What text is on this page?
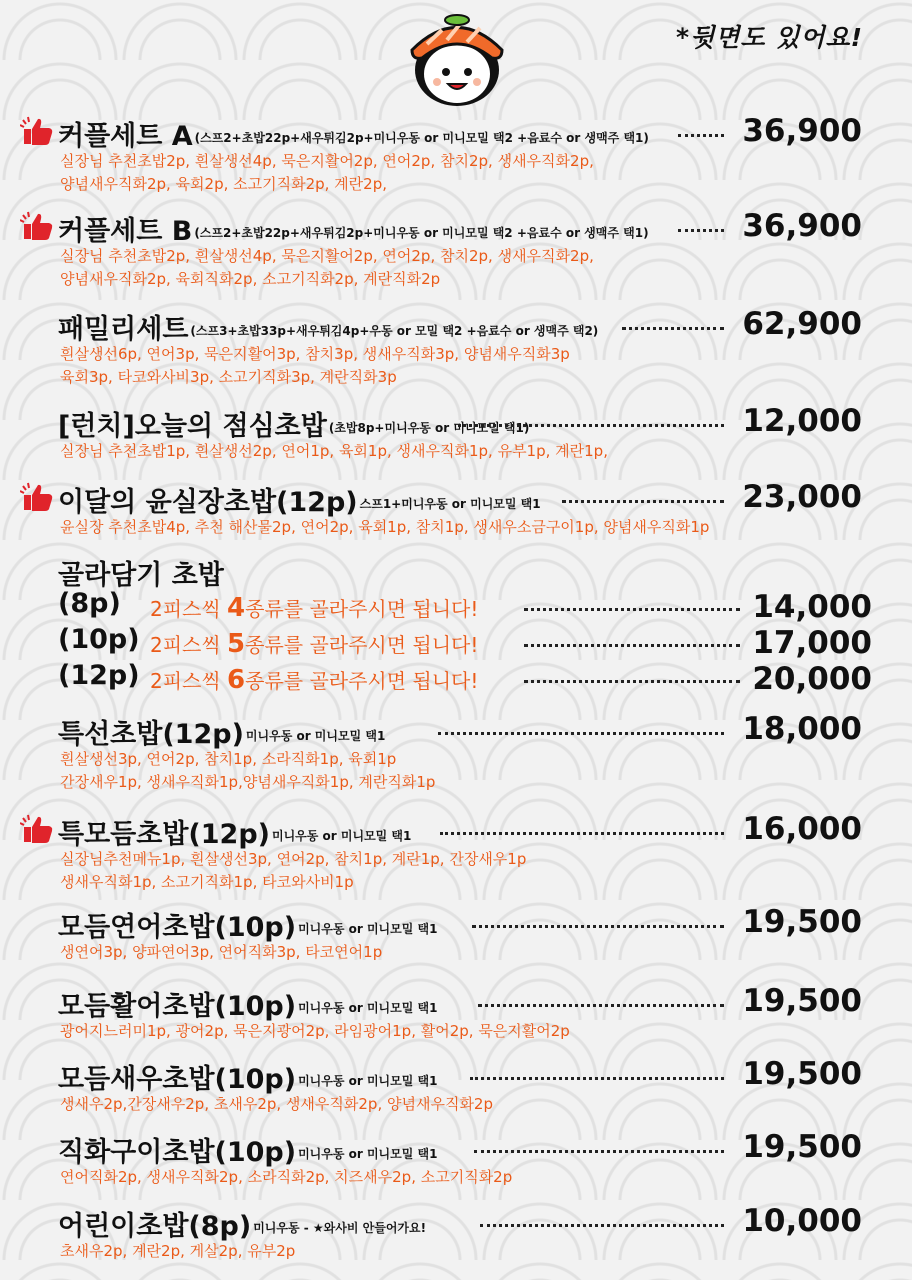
*뒷면도 있어요!
커플세트 A (스프2+초밥22p+새우튀김2p+미니우동 or 미니모밀 택2 +음료수 or 생맥주 택1)	36,900
실장님 추천초밥2p, 흰살생선4p, 묵은지활어2p, 연어2p, 참치2p, 생새우직화2p,
양념새우직화2p, 육회2p, 소고기직화2p, 계란2p,
커플세트 B (스프2+초밥22p+새우튀김2p+미니우동 or 미니모밀 택2 +음료수 or 생맥주 택1)	36,900
실장님 추천초밥2p, 흰살생선4p, 묵은지활어2p, 연어2p, 참치2p, 생새우직화2p,
양념새우직화2p, 육회직화2p, 소고기직화2p, 계란직화2p
패밀리세트 (스프3+초밥33p+새우튀김4p+우동 or 모밀 택2 +음료수 or 생맥주 택2)	62,900
흰살생선6p, 연어3p, 묵은지활어3p, 참치3p, 생새우직화3p, 양념새우직화3p
육회3p, 타코와사비3p, 소고기직화3p, 계란직화3p
[런치]오늘의 점심초밥 (초밥8p+미니우동 or 미니모밀 택1)	12,000
실장님 추천초밥1p, 흰살생선2p, 연어1p, 육회1p, 생새우직화1p, 유부1p, 계란1p,
이달의 윤실장초밥(12p) 스프1+미니우동 or 미니모밀 택1	23,000
윤실장 추천초밥4p, 추천 해산물2p, 연어2p, 육회1p, 참치1p, 생새우소금구이1p, 양념새우직화1p
특선초밥(12p) 미니우동 or 미니모밀 택1	18,000
흰살생선3p, 연어2p, 참치1p, 소라직화1p, 육회1p
간장새우1p, 생새우직화1p,양념새우직화1p, 계란직화1p
특모듬초밥(12p) 미니우동 or 미니모밀 택1	16,000
실장님추천메뉴1p, 흰살생선3p, 연어2p, 참치1p, 계란1p, 간장새우1p
생새우직화1p, 소고기직화1p, 타코와사비1p
모듬연어초밥(10p) 미니우동 or 미니모밀 택1	19,500
생연어3p, 양파연어3p, 연어직화3p, 타코연어1p
모듬활어초밥(10p) 미니우동 or 미니모밀 택1	19,500
광어지느러미1p, 광어2p, 묵은지광어2p, 라임광어1p, 활어2p, 묵은지활어2p
모듬새우초밥(10p) 미니우동 or 미니모밀 택1	19,500
생새우2p,간장새우2p, 초새우2p, 생새우직화2p, 양념새우직화2p
직화구이초밥(10p) 미니우동 or 미니모밀 택1	19,500
연어직화2p, 생새우직화2p, 소라직화2p, 치즈새우2p, 소고기직화2p
어린이초밥(8p) 미니우동 - ★와사비 안들어가요!	10,000
초새우2p, 계란2p, 게살2p, 유부2p
골라담기 초밥
(8p) 2피스씩 4종류를 골라주시면 됩니다!	14,000
(10p) 2피스씩 5종류를 골라주시면 됩니다!	17,000
(12p) 2피스씩 6종류를 골라주시면 됩니다!	20,000
